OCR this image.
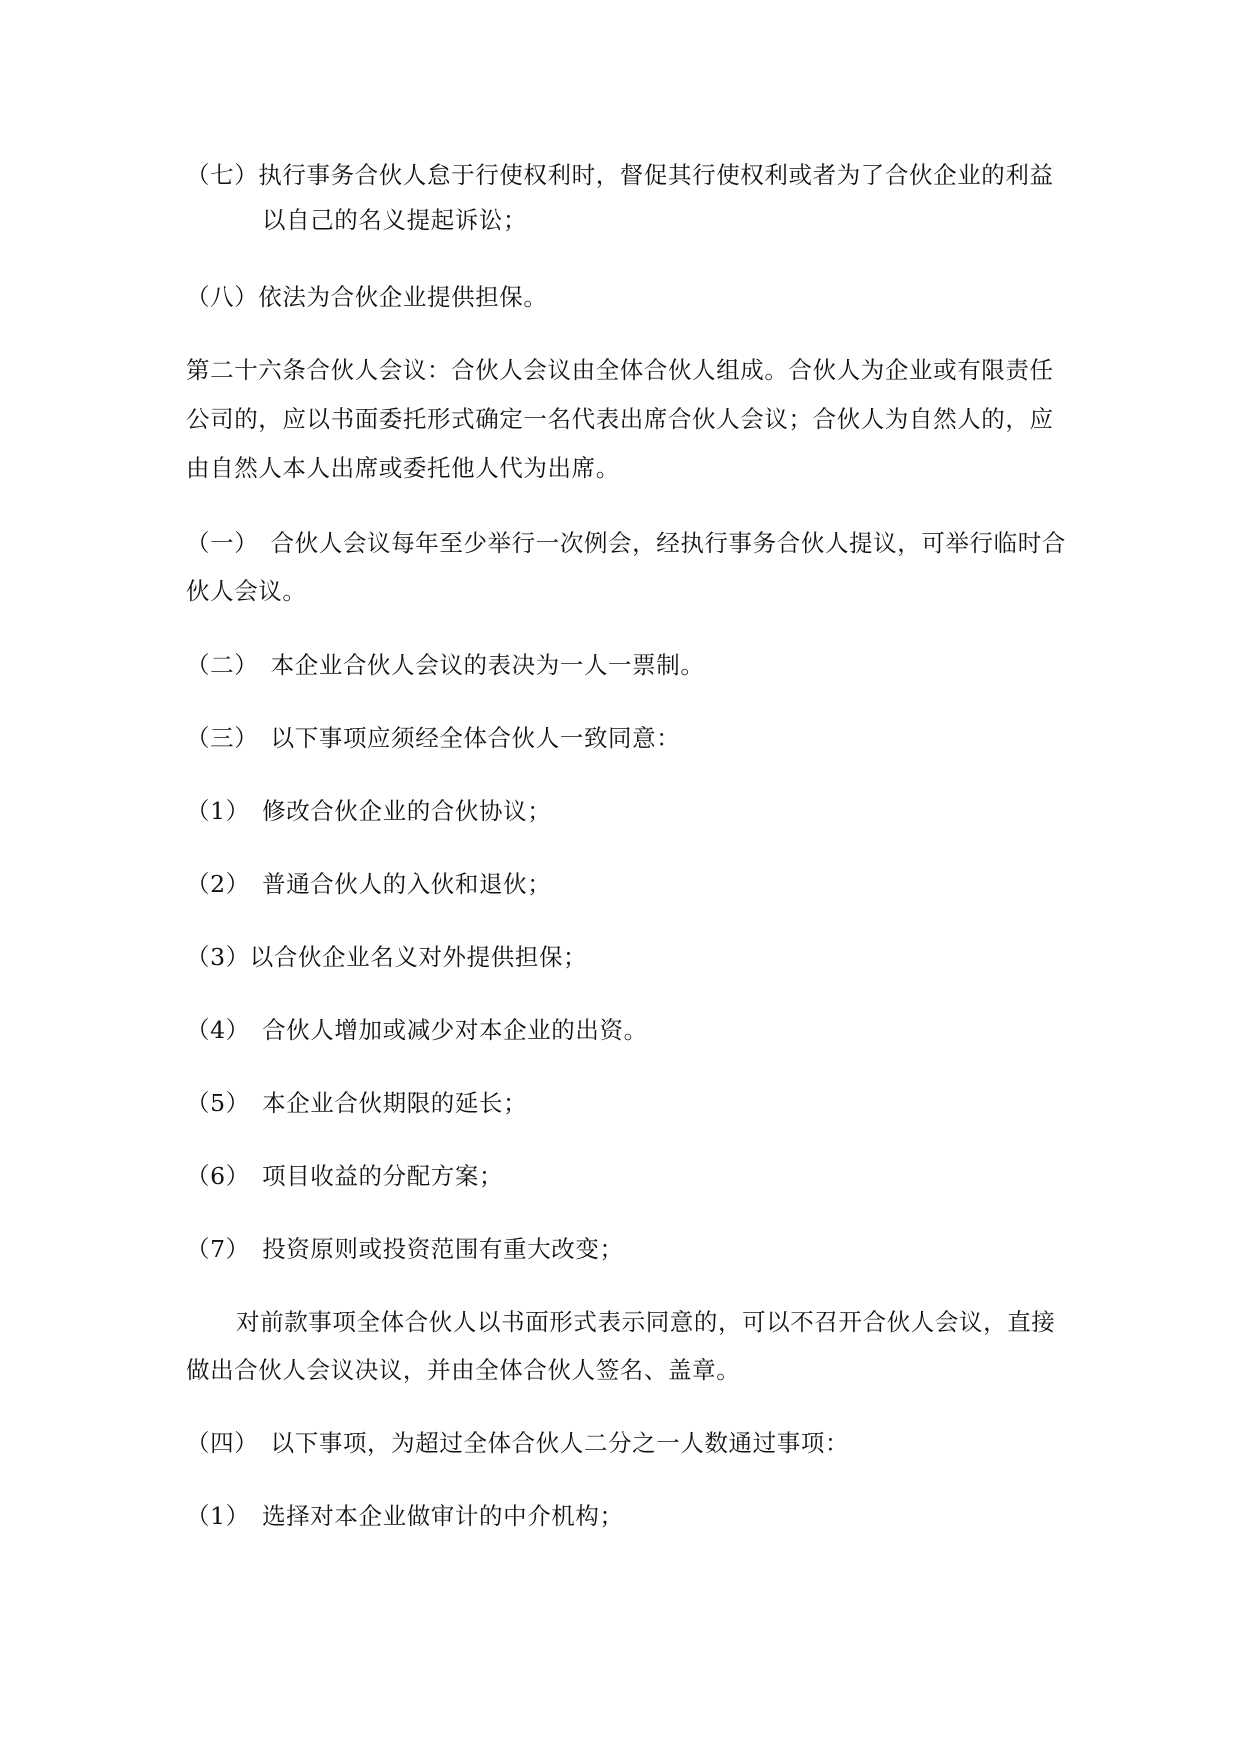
（七）执行事务合伙人怠于行使权利时，督促其行使权利或者为了合伙企业的利益
以自己的名义提起诉讼；
（八）依法为合伙企业提供担保。
第二十六条合伙人会议：合伙人会议由全体合伙人组成。合伙人为企业或有限责任
公司的，应以书面委托形式确定一名代表出席合伙人会议；合伙人为自然人的，应
由自然人本人出席或委托他人代为出席。
（一）　合伙人会议每年至少举行一次例会，经执行事务合伙人提议，可举行临时合
伙人会议。
（二）　本企业合伙人会议的表决为一人一票制。
（三）　以下事项应须经全体合伙人一致同意：
（1）　修改合伙企业的合伙协议；
（2）　普通合伙人的入伙和退伙；
（3）以合伙企业名义对外提供担保；
（4）　合伙人增加或减少对本企业的出资。
（5）　本企业合伙期限的延长；
（6）　项目收益的分配方案；
（7）　投资原则或投资范围有重大改变；
对前款事项全体合伙人以书面形式表示同意的，可以不召开合伙人会议，直接
做出合伙人会议决议，并由全体合伙人签名、盖章。
（四）　以下事项，为超过全体合伙人二分之一人数通过事项：
（1）　选择对本企业做审计的中介机构；
